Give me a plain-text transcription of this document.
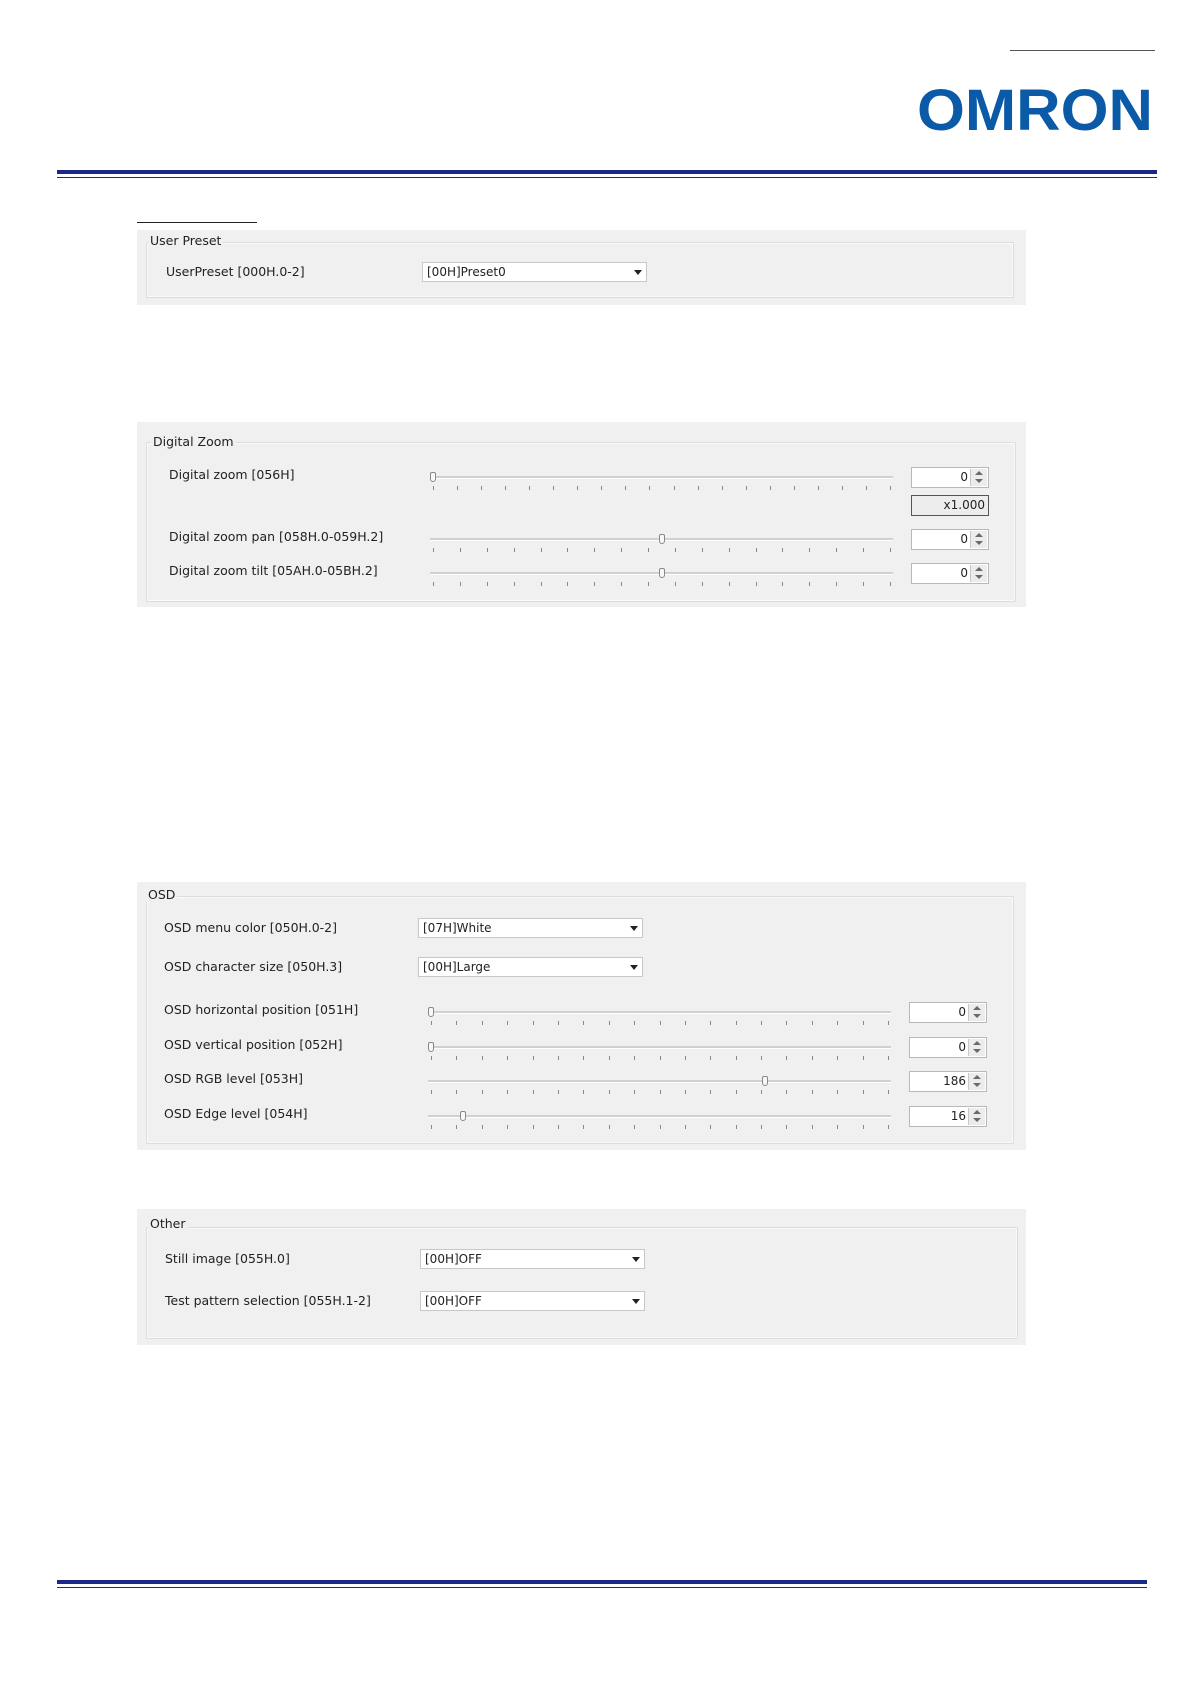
OMRON
User Preset
UserPreset [000H.0-2]	[00H]Preset0
Digital Zoom
Digital zoom [056H]	0
x1.000
Digital zoom pan [058H.0-059H.2]	0
Digital zoom tilt [05AH.0-05BH.2]	0
OSD
OSD menu color [050H.0-2]	[07H]White
OSD character size [050H.3]	[00H]Large
OSD horizontal position [051H]	0
OSD vertical position [052H]	0
OSD RGB level [053H]	186
OSD Edge level [054H]	16
Other
Still image [055H.0]	[00H]OFF
Test pattern selection [055H.1-2]	[00H]OFF
